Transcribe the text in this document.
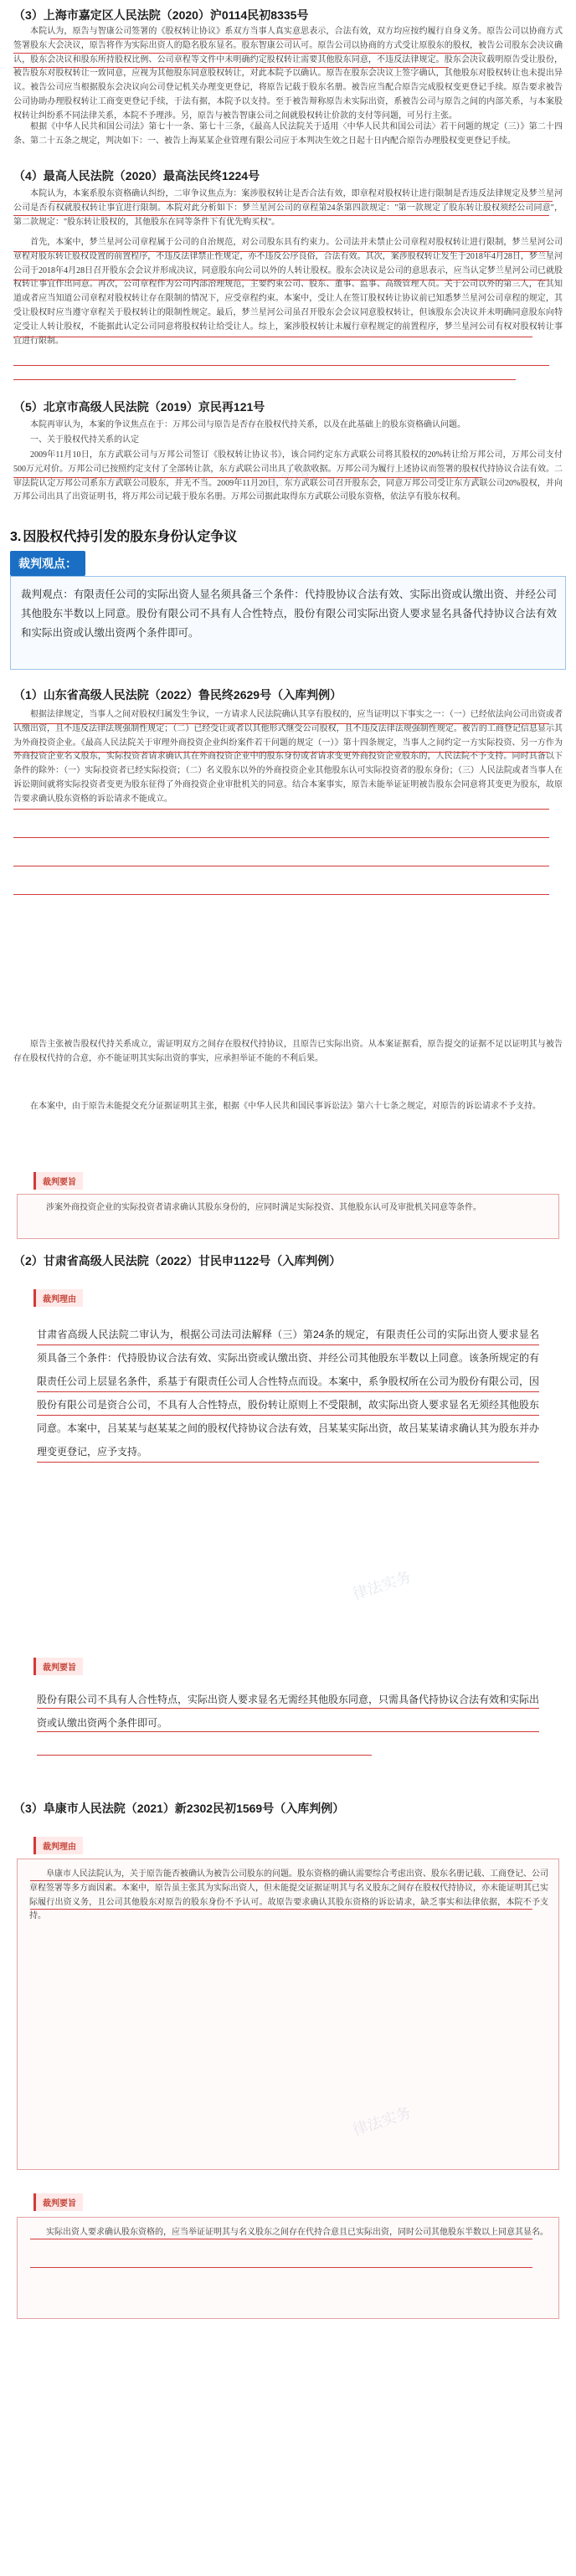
（3）上海市嘉定区人民法院（2020）沪0114民初8335号
本院认为，原告与智康公司签署的《股权转让协议》系双方当事人真实意思表示，合法有效，双方均应按约履行自身义务。原告公司以协商方式签署股东大会决议，原告将作为实际出资人的隐名股东显名。股东智康公司认可。原告公司以协商的方式受让原股东的股权，被告公司股东会决议确认，股东会决议和股东所持股权比例、公司章程等文件中未明确约定股权转让需要其他股东同意，不违反法律规定。股东会决议载明原告受让股份，被告股东对股权转让一致同意，应视为其他股东同意股权转让，对此本院予以确认。原告在股东会决议上签字确认，其他股东对股权转让也未提出异议。被告公司应当根据股东会决议向公司登记机关办理变更登记，将原告记载于股东名册。被告应当配合原告完成股权变更登记手续。原告要求被告公司协助办理股权转让工商变更登记手续，于法有据，本院予以支持。至于被告辩称原告未实际出资，系被告公司与原告之间的内部关系，与本案股权转让纠纷系不同法律关系，本院不予理涉。另，原告与被告智康公司之间就股权转让价款的支付等问题，可另行主张。
根据《中华人民共和国公司法》第七十一条、第七十三条，《最高人民法院关于适用〈中华人民共和国公司法〉若干问题的规定（三）》第二十四条、第二十五条之规定，判决如下：一、被告上海某某企业管理有限公司应于本判决生效之日起十日内配合原告办理股权变更登记手续。
（4）最高人民法院（2020）最高法民终1224号
本院认为，本案系股东资格确认纠纷，二审争议焦点为：案涉股权转让是否合法有效，即章程对股权转让进行限制是否违反法律规定及梦兰星河公司是否有权就股权转让事宜进行限制。本院对此分析如下：梦兰星河公司的章程第24条第四款规定："第一款规定了股东转让股权须经公司同意"，第二款规定："股东转让股权的，其他股东在同等条件下有优先购买权"。
首先，本案中，梦兰星河公司章程属于公司的自治规范，对公司股东具有约束力。公司法并未禁止公司章程对股权转让进行限制，梦兰星河公司章程对股东转让股权设置的前置程序，不违反法律禁止性规定，亦不违反公序良俗，合法有效。其次，案涉股权转让发生于2018年4月28日，梦兰星河公司于2018年4月28日召开股东会会议并形成决议，同意股东向公司以外的人转让股权。股东会决议是公司的意思表示，应当认定梦兰星河公司已就股权转让事宜作出同意。再次，公司章程作为公司内部治理规范，主要约束公司、股东、董事、监事、高级管理人员。关于公司以外的第三人，在其知道或者应当知道公司章程对股权转让存在限制的情况下，应受章程约束。本案中，受让人在签订股权转让协议前已知悉梦兰星河公司章程的规定，其受让股权时应当遵守章程关于股权转让的限制性规定。最后，梦兰星河公司虽召开股东会会议同意股权转让，但该股东会决议并未明确同意股东向特定受让人转让股权，不能据此认定公司同意将股权转让给受让人。综上，案涉股权转让未履行章程规定的前置程序，梦兰星河公司有权对股权转让事宜进行限制。
（5）北京市高级人民法院（2019）京民再121号
本院再审认为，本案的争议焦点在于：万邦公司与原告是否存在股权代持关系，以及在此基础上的股东资格确认问题。
一、关于股权代持关系的认定
2009年11月10日，东方武联公司与万邦公司签订《股权转让协议书》，该合同约定东方武联公司将其股权的20%转让给万邦公司，万邦公司支付500万元对价。万邦公司已按照约定支付了全部转让款，东方武联公司出具了收款收据。万邦公司为履行上述协议而签署的股权代持协议合法有效。二审法院认定万邦公司系东方武联公司股东，并无不当。2009年11月20日，东方武联公司召开股东会，同意万邦公司受让东方武联公司20%股权，并向万邦公司出具了出资证明书，将万邦公司记载于股东名册。万邦公司据此取得东方武联公司股东资格，依法享有股东权利。
3. 因股权代持引发的股东身份认定争议
裁判观点：
裁判观点：有限责任公司的实际出资人显名须具备三个条件：代持股协议合法有效、实际出资或认缴出资、并经公司其他股东半数以上同意。股份有限公司不具有人合性特点，股份有限公司实际出资人要求显名具备代持协议合法有效和实际出资或认缴出资两个条件即可。
（1）山东省高级人民法院（2022）鲁民终2629号（入库判例）
根据法律规定，当事人之间对股权归属发生争议，一方请求人民法院确认其享有股权的，应当证明以下事实之一：（一）已经依法向公司出资或者认缴出资，且不违反法律法规强制性规定；（二）已经受让或者以其他形式继受公司股权，且不违反法律法规强制性规定。被告的工商登记信息显示其为外商投资企业。《最高人民法院关于审理外商投资企业纠纷案件若干问题的规定（一）》第十四条规定，当事人之间约定一方实际投资、另一方作为外商投资企业名义股东，实际投资者请求确认其在外商投资企业中的股东身份或者请求变更外商投资企业股东的，人民法院不予支持。同时具备以下条件的除外：（一）实际投资者已经实际投资；（二）名义股东以外的外商投资企业其他股东认可实际投资者的股东身份；（三）人民法院或者当事人在诉讼期间就将实际投资者变更为股东征得了外商投资企业审批机关的同意。结合本案事实，原告未能举证证明被告股东会同意将其变更为股东，故原告要求确认股东资格的诉讼请求不能成立。
原告主张被告股权代持关系成立，需证明双方之间存在股权代持协议，且原告已实际出资。从本案证据看，原告提交的证据不足以证明其与被告存在股权代持的合意，亦不能证明其实际出资的事实，应承担举证不能的不利后果。
在本案中，由于原告未能提交充分证据证明其主张，根据《中华人民共和国民事诉讼法》第六十七条之规定，对原告的诉讼请求不予支持。
裁判要旨
涉案外商投资企业的实际投资者请求确认其股东身份的，应同时满足实际投资、其他股东认可及审批机关同意等条件。
（2）甘肃省高级人民法院（2022）甘民申1122号（入库判例）
裁判理由
甘肃省高级人民法院二审认为，根据公司法司法解释（三）第24条的规定，有限责任公司的实际出资人要求显名须具备三个条件：代持股协议合法有效、实际出资或认缴出资、并经公司其他股东半数以上同意。该条所规定的有限责任公司上层显名条件，系基于有限责任公司人合性特点而设。本案中，系争股权所在公司为股份有限公司，因股份有限公司是资合公司，不具有人合性特点，股份转让原则上不受限制，故实际出资人要求显名无须经其他股东同意。本案中，吕某某与赵某某之间的股权代持协议合法有效，吕某某实际出资，故吕某某请求确认其为股东并办理变更登记，应予支持。
裁判要旨
股份有限公司不具有人合性特点，实际出资人要求显名无需经其他股东同意，只需具备代持协议合法有效和实际出资或认缴出资两个条件即可。
（3）阜康市人民法院（2021）新2302民初1569号（入库判例）
裁判理由
阜康市人民法院认为，关于原告能否被确认为被告公司股东的问题。股东资格的确认需要综合考虑出资、股东名册记载、工商登记、公司章程签署等多方面因素。本案中，原告虽主张其为实际出资人，但未能提交证据证明其与名义股东之间存在股权代持协议，亦未能证明其已实际履行出资义务，且公司其他股东对原告的股东身份不予认可。故原告要求确认其股东资格的诉讼请求，缺乏事实和法律依据，本院不予支持。
裁判要旨
实际出资人要求确认股东资格的，应当举证证明其与名义股东之间存在代持合意且已实际出资，同时公司其他股东半数以上同意其显名。
律法实务
律法实务
律法实务
